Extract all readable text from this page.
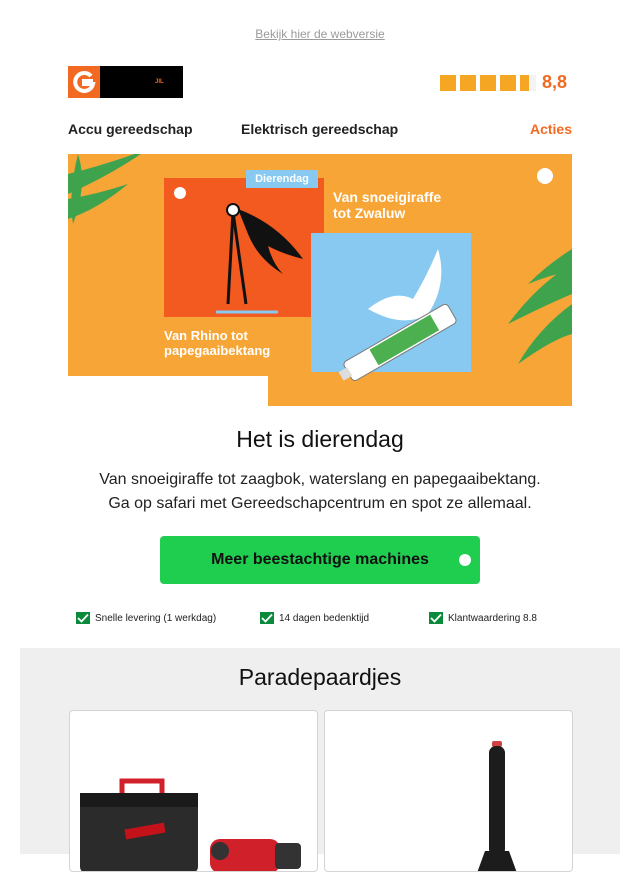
Bekijk hier de webversie
JIL	8,8
Accu gereedschap	Elektrisch gereedschap	Acties
Dierendag
Van snoeigiraffe
tot Zwaluw
Van Rhino tot
papegaaibektang
Het is dierendag
Van snoeigiraffe tot zaagbok, waterslang en papegaaibektang.
Ga op safari met Gereedschapcentrum en spot ze allemaal.
Meer beestachtige machines
Snelle levering (1 werkdag)	14 dagen bedenktijd	Klantwaardering 8.8
Paradepaardjes
